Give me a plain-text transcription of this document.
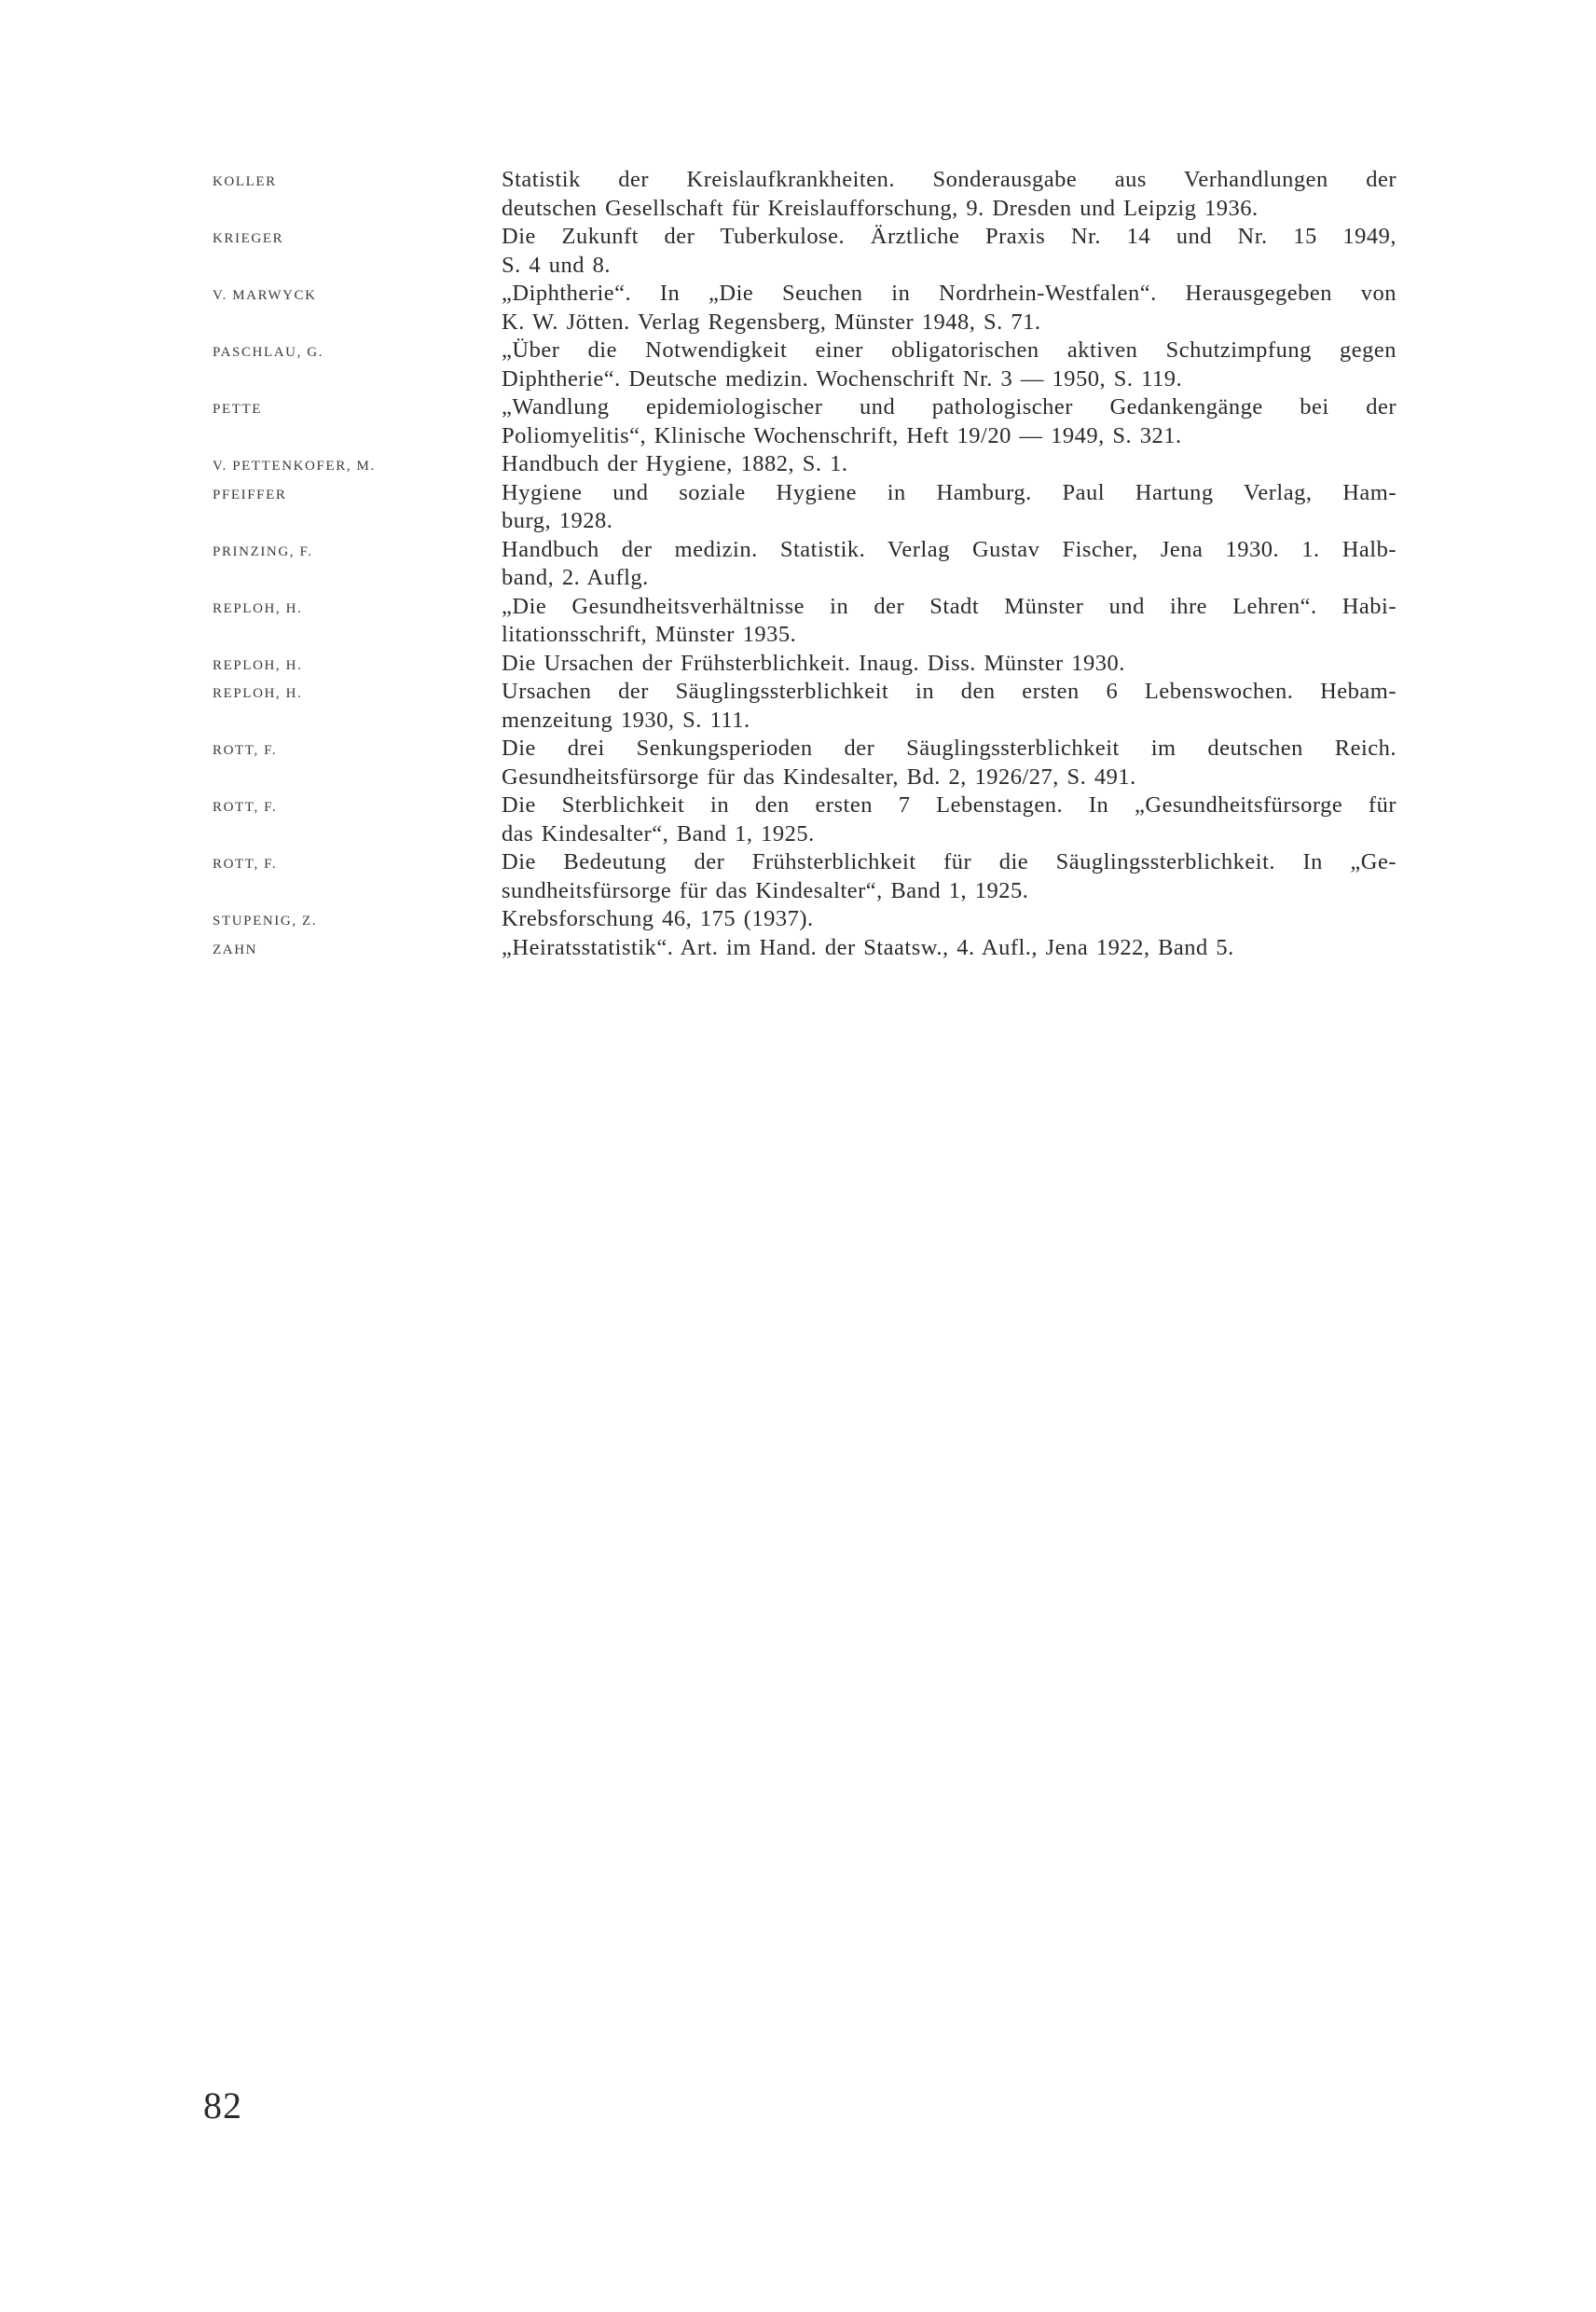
KOLLER	Statistik der Kreislaufkrankheiten. Sonderausgabe aus Verhandlungen der
deutschen Gesellschaft für Kreislaufforschung, 9. Dresden und Leipzig 1936.
KRIEGER	Die Zukunft der Tuberkulose. Ärztliche Praxis Nr. 14 und Nr. 15 1949,
S. 4 und 8.
V. MARWYCK	„Diphtherie“. In „Die Seuchen in Nordrhein-Westfalen“. Herausgegeben von
K. W. Jötten. Verlag Regensberg, Münster 1948, S. 71.
PASCHLAU, G.	„Über die Notwendigkeit einer obligatorischen aktiven Schutzimpfung gegen
Diphtherie“. Deutsche medizin. Wochenschrift Nr. 3 — 1950, S. 119.
PETTE	„Wandlung epidemiologischer und pathologischer Gedankengänge bei der
Poliomyelitis“, Klinische Wochenschrift, Heft 19/20 — 1949, S. 321.
V. PETTENKOFER, M.	Handbuch der Hygiene, 1882, S. 1.
PFEIFFER	Hygiene und soziale Hygiene in Hamburg. Paul Hartung Verlag, Ham-
burg, 1928.
PRINZING, F.	Handbuch der medizin. Statistik. Verlag Gustav Fischer, Jena 1930. 1. Halb-
band, 2. Auflg.
REPLOH, H.	„Die Gesundheitsverhältnisse in der Stadt Münster und ihre Lehren“. Habi-
litationsschrift, Münster 1935.
REPLOH, H.	Die Ursachen der Frühsterblichkeit. Inaug. Diss. Münster 1930.
REPLOH, H.	Ursachen der Säuglingssterblichkeit in den ersten 6 Lebenswochen. Hebam-
menzeitung 1930, S. 111.
ROTT, F.	Die drei Senkungsperioden der Säuglingssterblichkeit im deutschen Reich.
Gesundheitsfürsorge für das Kindesalter, Bd. 2, 1926/27, S. 491.
ROTT, F.	Die Sterblichkeit in den ersten 7 Lebenstagen. In „Gesundheitsfürsorge für
das Kindesalter“, Band 1, 1925.
ROTT, F.	Die Bedeutung der Frühsterblichkeit für die Säuglingssterblichkeit. In „Ge-
sundheitsfürsorge für das Kindesalter“, Band 1, 1925.
STUPENIG, Z.	Krebsforschung 46, 175 (1937).
ZAHN	„Heiratsstatistik“. Art. im Hand. der Staatsw., 4. Aufl., Jena 1922, Band 5.
82
